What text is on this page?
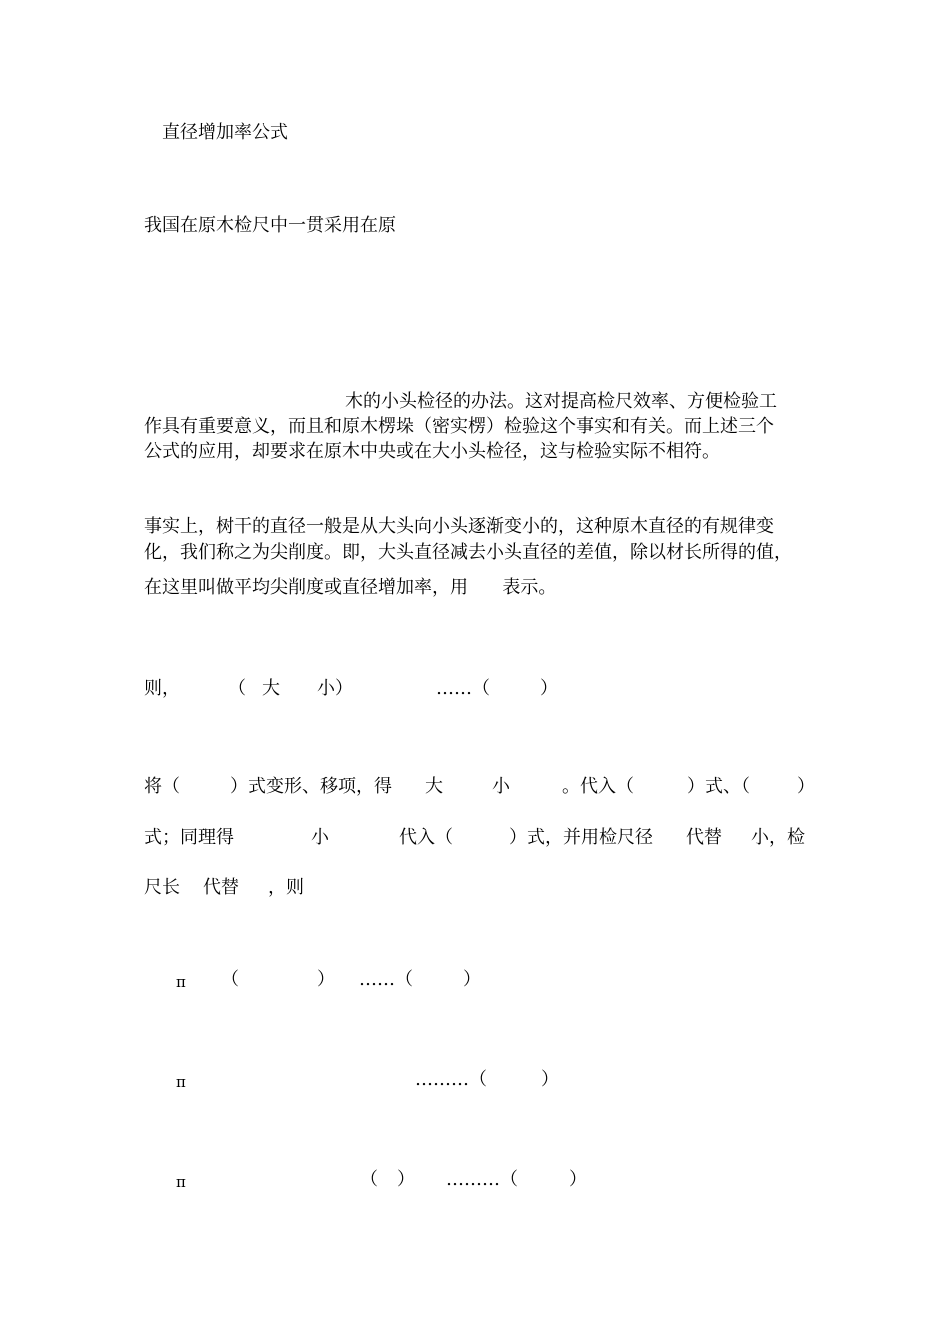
直径增加率公式
我国在原木检尺中一贯采用在原
木的小头检径的办法。这对提高检尺效率、方便检验工
作具有重要意义，而且和原木楞垛（密实楞）检验这个事实和有关。而上述三个
公式的应用，却要求在原木中央或在大小头检径，这与检验实际不相符。
事实上，树干的直径一般是从大头向小头逐渐变小的，这种原木直径的有规律变
化，我们称之为尖削度。即，大头直径减去小头直径的差值，除以材长所得的值，
在这里叫做平均尖削度或直径增加率，用      表示。
则，	（ 大 小）	……（	）
将（	）式变形、移项，得 大	小	。代入（	）式、（	）
式；同理得	小	代入（	）式，并用检尺径 代替 小，检
尺长 代替 ，则
π （	） ……（	）
π	………（	）
π	（ ） ………（	）
